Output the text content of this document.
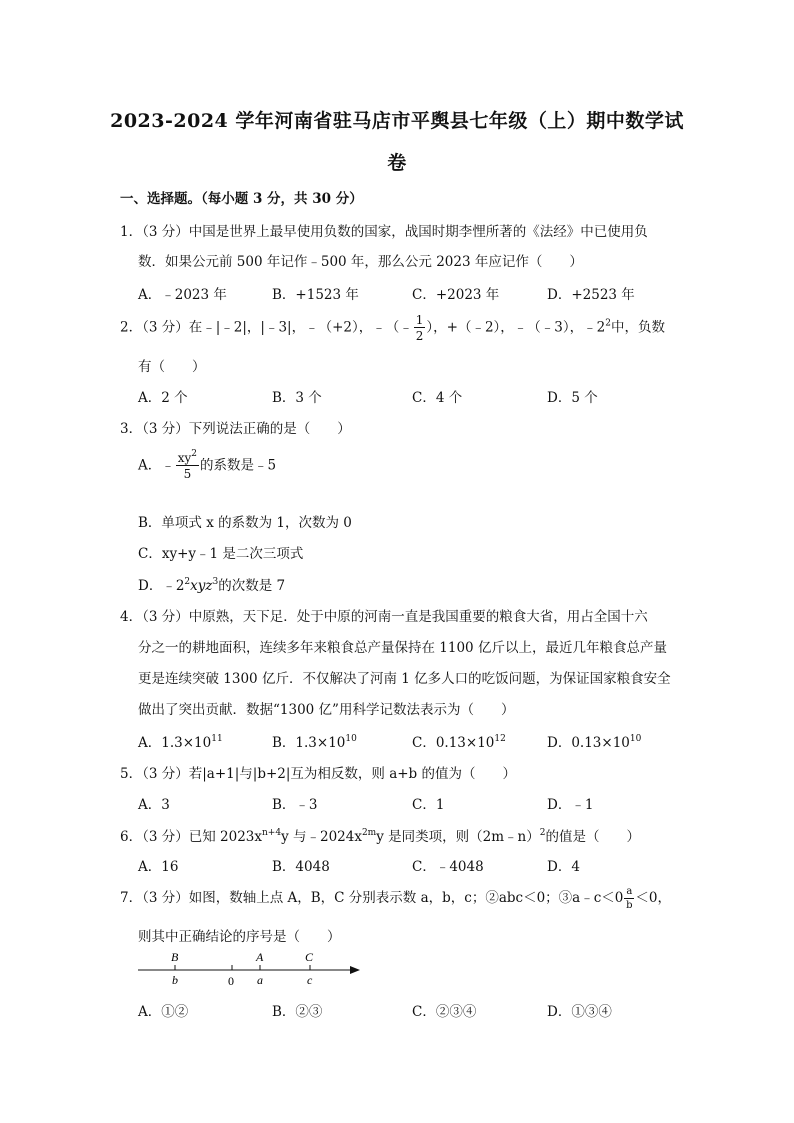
2023-2024 学年河南省驻马店市平舆县七年级（上）期中数学试
卷
一、选择题。（每小题 3 分，共 30 分）
1．（3 分）中国是世界上最早使用负数的国家，战国时期李悝所著的《法经》中已使用负
数．如果公元前 500 年记作﹣500 年，那么公元 2023 年应记作（　　）
A．﹣2023 年	B．+1523 年	C．+2023 年	D．+2523 年
2．（3 分）在﹣|﹣2|，|﹣3|，﹣（+2），﹣（﹣ $\frac{1}{2}$ ），+（﹣2），﹣（﹣3），$﹣2^2$中，负数
有（　　）
A．2 个	B．3 个	C．4 个	D．5 个
3．（3 分）下列说法正确的是（　　）
A．﹣ $\frac{xy^2}{5}$ 的系数是﹣5
B．单项式 x 的系数为 1，次数为 0
C．xy+y﹣1 是二次三项式
D．$﹣2^2xyz^3$的次数是 7
4．（3 分）中原熟，天下足．处于中原的河南一直是我国重要的粮食大省，用占全国十六
分之一的耕地面积，连续多年来粮食总产量保持在 1100 亿斤以上，最近几年粮食总产量
更是连续突破 1300 亿斤．不仅解决了河南 1 亿多人口的吃饭问题，为保证国家粮食安全
做出了突出贡献．数据“1300 亿”用科学记数法表示为（　　）
A．$1.3\times 10^{11}$	B．$1.3\times 10^{10}$	C．$0.13\times 10^{12}$	D．$0.13\times 10^{10}$
5．（3 分）若|a+1|与|b+2|互为相反数，则 a+b 的值为（　　）
A．3	B．﹣3	C．1	D．﹣1
6．（3 分）已知 $2023x^{n+4}y$ 与$﹣2024x^{2m}y$ 是同类项，则（2m﹣n）$^2$的值是（　　）
A．16	B．4048	C．﹣4048	D．4
7．（3 分）如图，数轴上点 A，B，C 分别表示数 a，b，c；②abc＜0；③a﹣c＜0 $\frac{a}{b} <0$，
则其中正确结论的序号是（　　）
B
b	0
A
a
C
c
A．①②	B．②③	C．②③④	D．①③④
